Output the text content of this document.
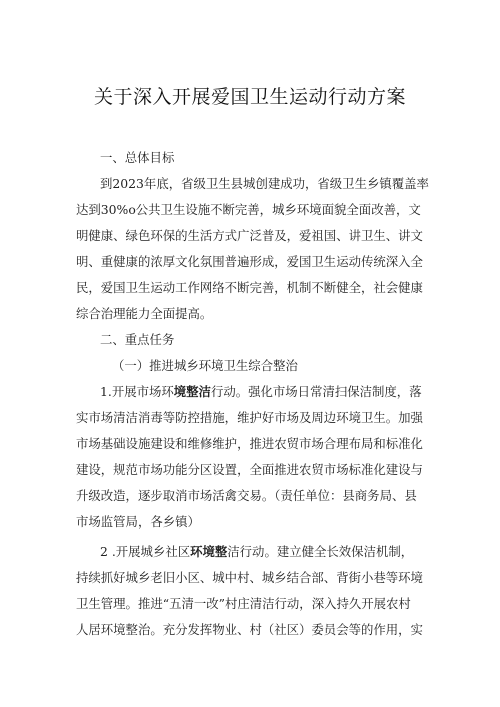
关于深入开展爱国卫生运动行动方案
一、总体目标
到2023年底，省级卫生县城创建成功，省级卫生乡镇覆盖率
达到30%o公共卫生设施不断完善，城乡环境面貌全面改善，文
明健康、绿色环保的生活方式广泛普及，爱祖国、讲卫生、讲文
明、重健康的浓厚文化氛围普遍形成，爱国卫生运动传统深入全
民，爱国卫生运动工作网络不断完善，机制不断健全，社会健康
综合治理能力全面提高。
二、重点任务
（一）推进城乡环境卫生综合整治
1.开展市场环境整洁行动。强化市场日常清扫保洁制度，落
实市场清洁消毒等防控措施，维护好市场及周边环境卫生。加强
市场基础设施建设和维修维护，推进农贸市场合理布局和标准化
建设，规范市场功能分区设置，全面推进农贸市场标准化建设与
升级改造，逐步取消市场活禽交易。（责任单位：县商务局、县
市场监管局，各乡镇）
2 .开展城乡社区环境整洁行动。建立健全长效保洁机制，
持续抓好城乡老旧小区、城中村、城乡结合部、背街小巷等环境
卫生管理。推进“五清一改”村庄清洁行动，深入持久开展农村
人居环境整治。充分发挥物业、村（社区）委员会等的作用，实
